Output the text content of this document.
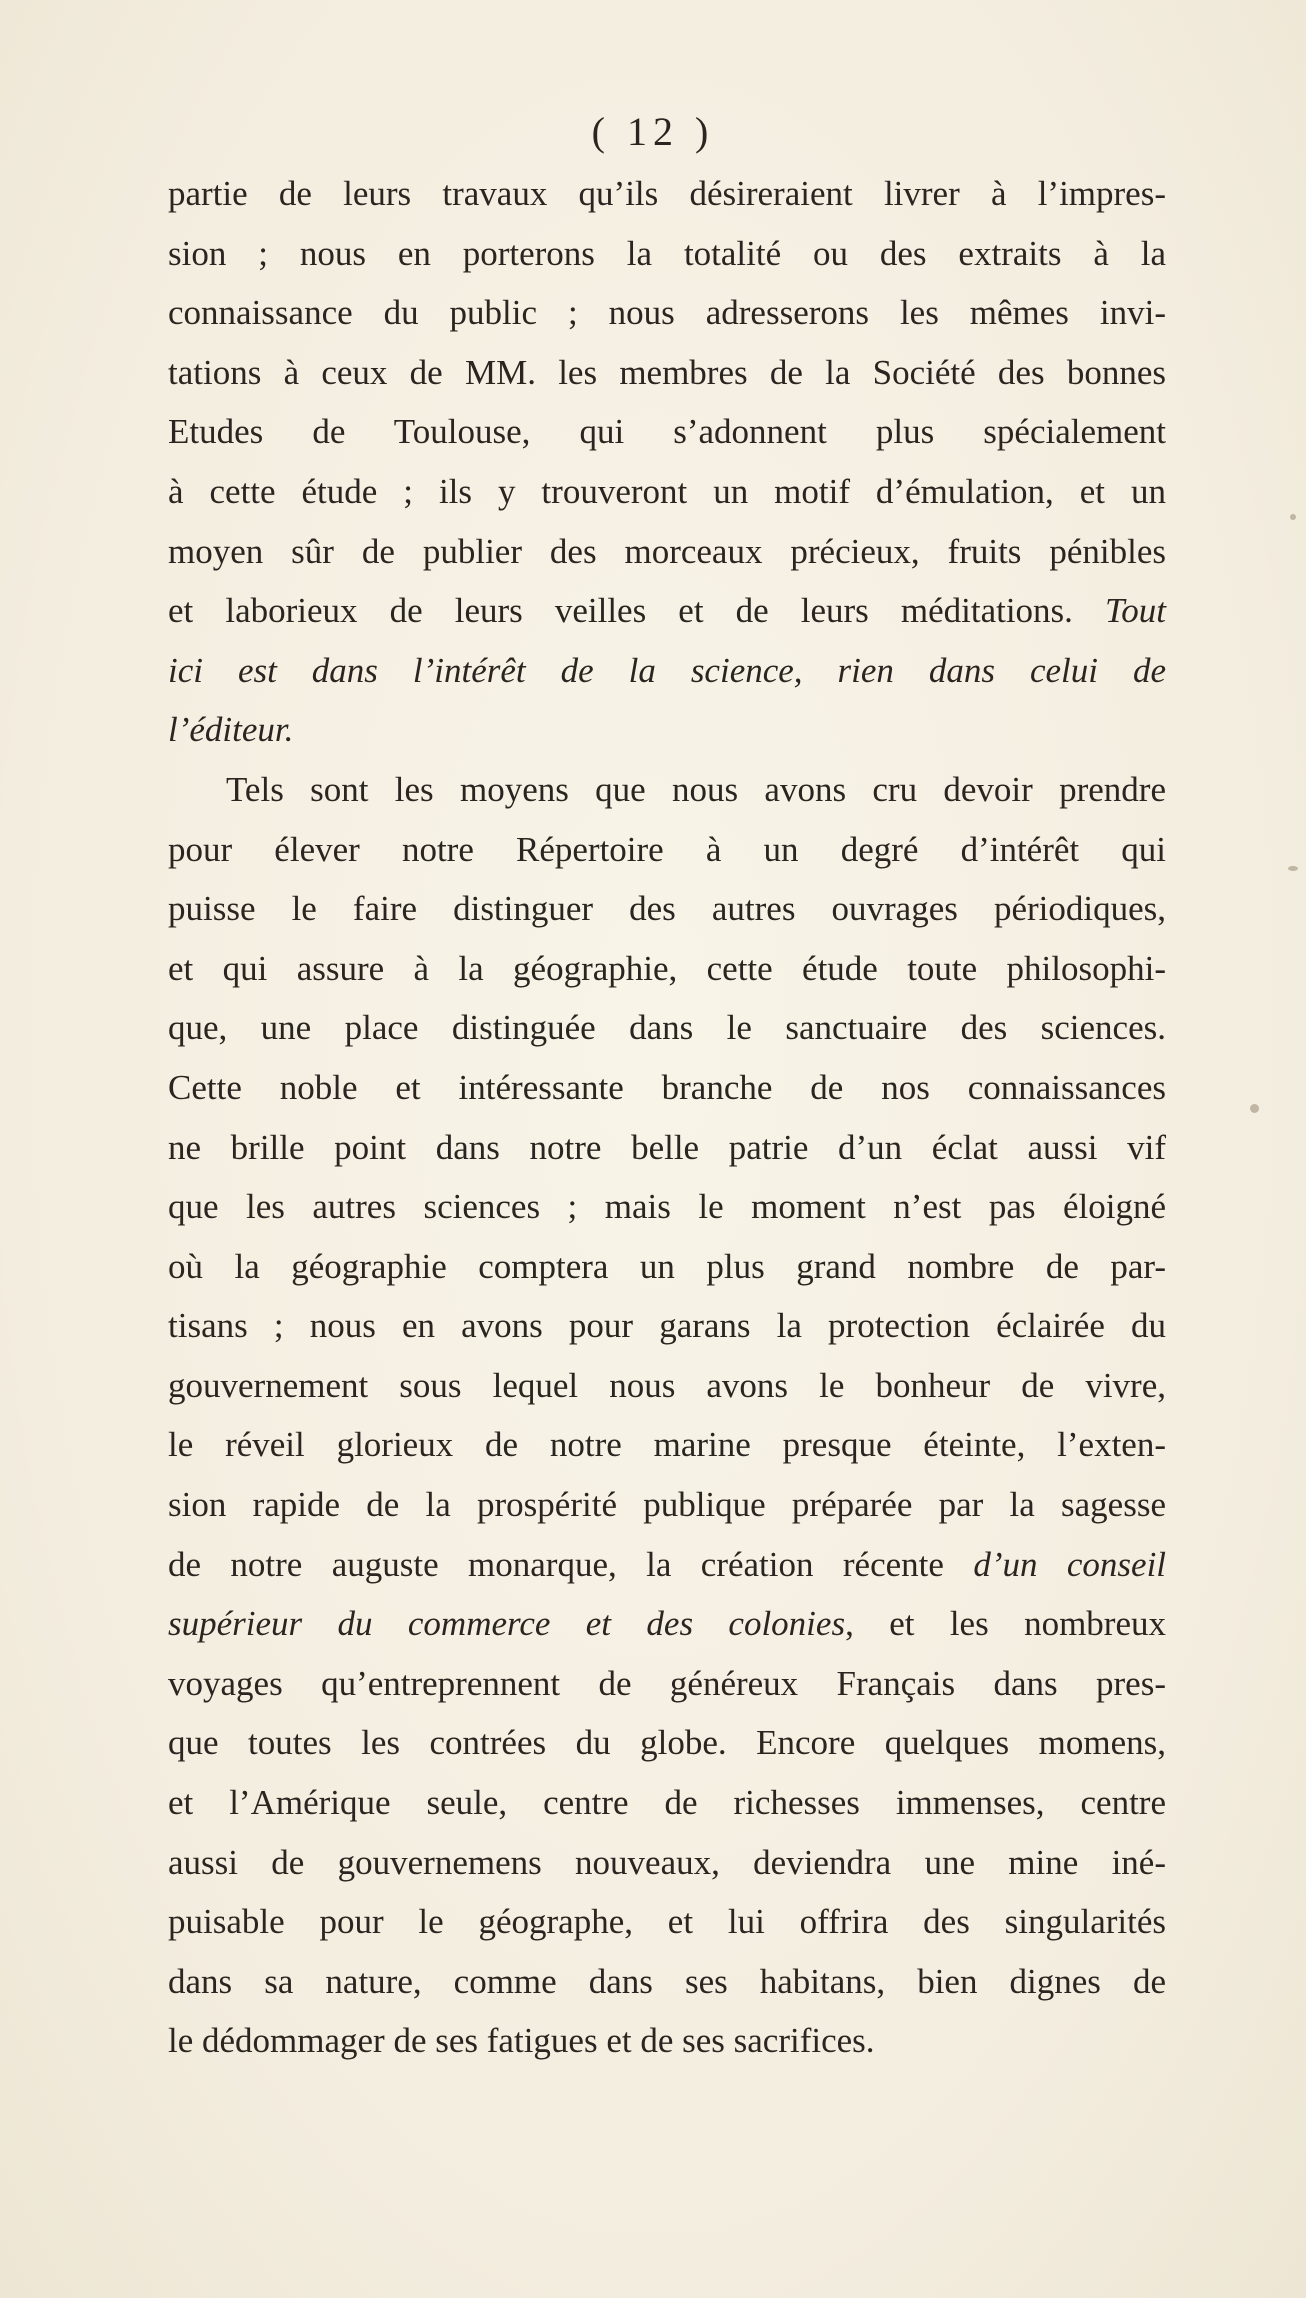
( 12 )
partie de leurs travaux qu’ils désireraient livrer à l’impres-
sion ; nous en porterons la totalité ou des extraits à la
connaissance du public ; nous adresserons les mêmes invi-
tations à ceux de MM. les membres de la Société des bonnes
Etudes de Toulouse, qui s’adonnent plus spécialement
à cette étude ; ils y trouveront un motif d’émulation, et un
moyen sûr de publier des morceaux précieux, fruits pénibles
et laborieux de leurs veilles et de leurs méditations. Tout
ici est dans l’intérêt de la science, rien dans celui de
l’éditeur.
Tels sont les moyens que nous avons cru devoir prendre
pour élever notre Répertoire à un degré d’intérêt qui
puisse le faire distinguer des autres ouvrages périodiques,
et qui assure à la géographie, cette étude toute philosophi-
que, une place distinguée dans le sanctuaire des sciences.
Cette noble et intéressante branche de nos connaissances
ne brille point dans notre belle patrie d’un éclat aussi vif
que les autres sciences ; mais le moment n’est pas éloigné
où la géographie comptera un plus grand nombre de par-
tisans ; nous en avons pour garans la protection éclairée du
gouvernement sous lequel nous avons le bonheur de vivre,
le réveil glorieux de notre marine presque éteinte, l’exten-
sion rapide de la prospérité publique préparée par la sagesse
de notre auguste monarque, la création récente d’un conseil
supérieur du commerce et des colonies, et les nombreux
voyages qu’entreprennent de généreux Français dans pres-
que toutes les contrées du globe. Encore quelques momens,
et l’Amérique seule, centre de richesses immenses, centre
aussi de gouvernemens nouveaux, deviendra une mine iné-
puisable pour le géographe, et lui offrira des singularités
dans sa nature, comme dans ses habitans, bien dignes de
le dédommager de ses fatigues et de ses sacrifices.
